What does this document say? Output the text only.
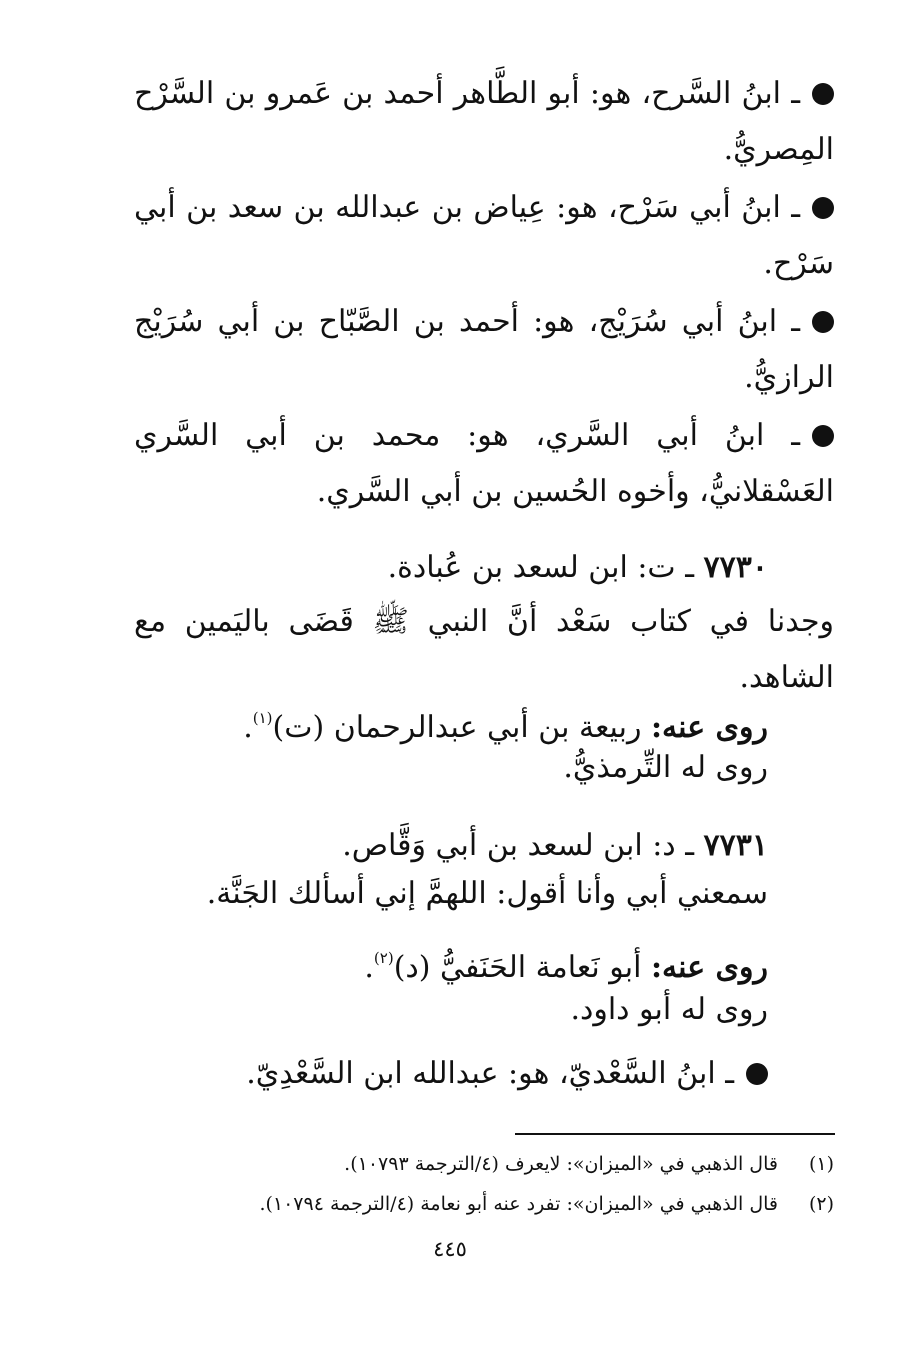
ـ ابنُ السَّرح، هو: أبو الطَّاهر أحمد بن عَمرو بن السَّرْح المِصريُّ.

ـ ابنُ أبي سَرْح، هو: عِياض بن عبدالله بن سعد بن أبي سَرْح.

ـ ابنُ أبي سُرَيْج، هو: أحمد بن الصَّبّاح بن أبي سُرَيْج الرازيُّ.

ـ ابنُ أبي السَّري، هو: محمد بن أبي السَّري العَسْقلانيُّ، وأخوه الحُسين بن أبي السَّري.

٧٧٣٠ ـ ت: ابن لسعد بن عُبادة.

وجدنا في كتاب سَعْد أنَّ النبي ﷺ قَضَى باليَمين مع الشاهد.

روى عنه: ربيعة بن أبي عبدالرحمان (ت)$^{(١)}$.

روى له التِّرمذيُّ.

٧٧٣١ ـ د: ابن لسعد بن أبي وَقَّاص.

سمعني أبي وأنا أقول: اللهمَّ إني أسألك الجَنَّة.

روى عنه: أبو نَعامة الحَنَفيُّ (د)$^{(٢)}$.

روى له أبو داود.

ـ ابنُ السَّعْديّ، هو: عبدالله ابن السَّعْدِيّ.

(١)قال الذهبي في «الميزان»: لايعرف (٤/الترجمة ١٠٧٩٣).

(٢)قال الذهبي في «الميزان»: تفرد عنه أبو نعامة (٤/الترجمة ١٠٧٩٤).

٤٤٥
